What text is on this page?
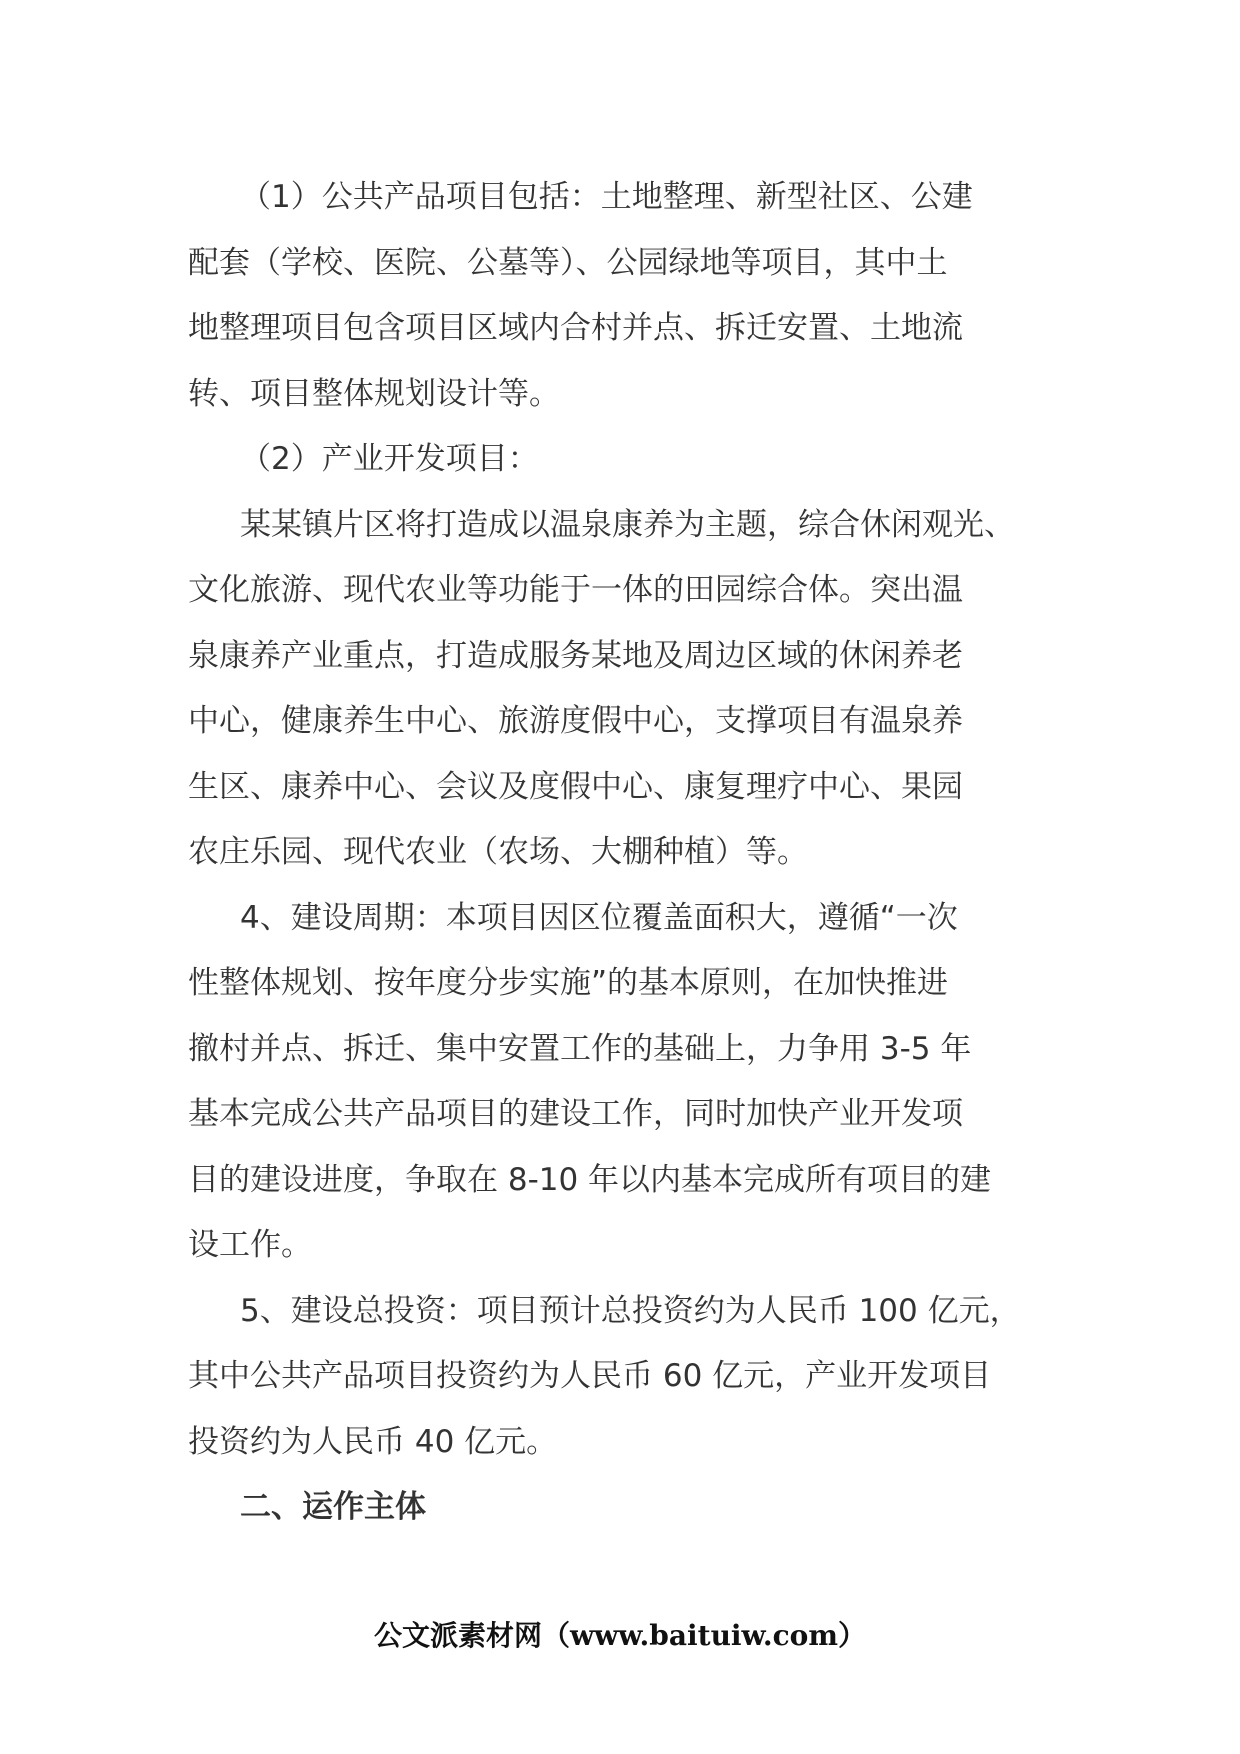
（1）公共产品项目包括：土地整理、新型社区、公建
配套（学校、医院、公墓等）、公园绿地等项目，其中土
地整理项目包含项目区域内合村并点、拆迁安置、土地流
转、项目整体规划设计等。
（2）产业开发项目：
某某镇片区将打造成以温泉康养为主题，综合休闲观光、
文化旅游、现代农业等功能于一体的田园综合体。突出温
泉康养产业重点，打造成服务某地及周边区域的休闲养老
中心，健康养生中心、旅游度假中心，支撑项目有温泉养
生区、康养中心、会议及度假中心、康复理疗中心、果园
农庄乐园、现代农业（农场、大棚种植）等。
4、建设周期：本项目因区位覆盖面积大，遵循“一次
性整体规划、按年度分步实施”的基本原则，在加快推进
撤村并点、拆迁、集中安置工作的基础上，力争用 3-5 年
基本完成公共产品项目的建设工作，同时加快产业开发项
目的建设进度，争取在 8-10 年以内基本完成所有项目的建
设工作。
5、建设总投资：项目预计总投资约为人民币 100 亿元，
其中公共产品项目投资约为人民币 60 亿元，产业开发项目
投资约为人民币 40 亿元。
二、运作主体
公文派素材网（www.baituiw.com）
